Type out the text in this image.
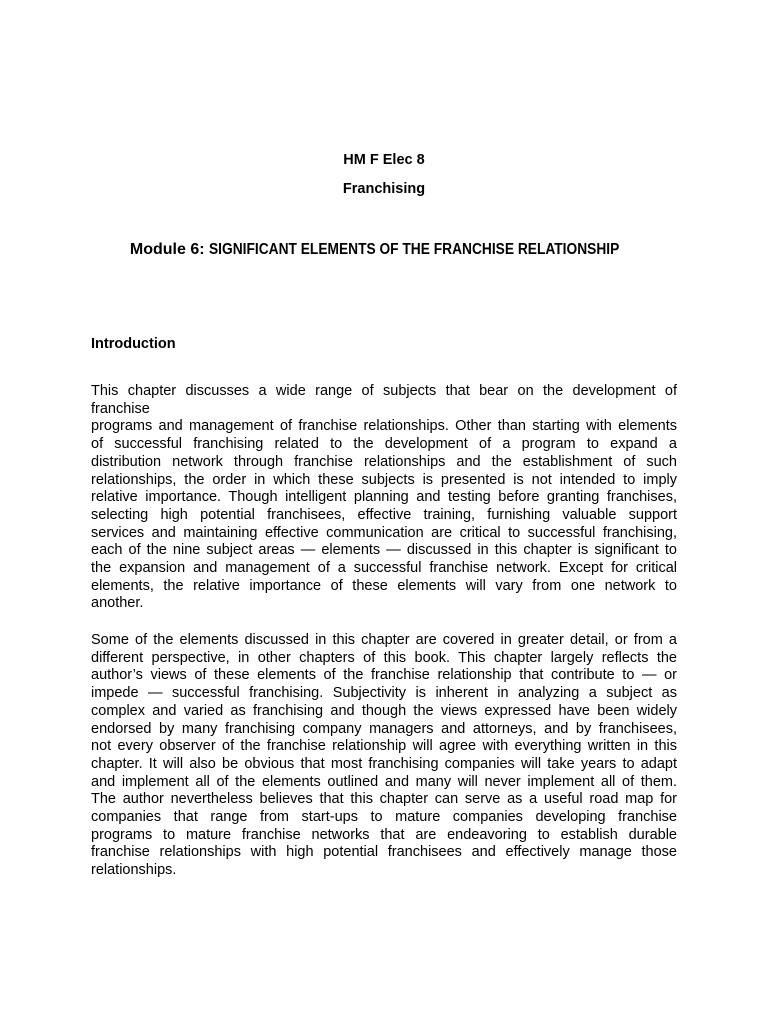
HM F Elec 8
Franchising
Module 6: SIGNIFICANT ELEMENTS OF THE FRANCHISE RELATIONSHIP
Introduction
This chapter discusses a wide range of subjects that bear on the development of
franchise
programs and management of franchise relationships. Other than starting with elements
of successful franchising related to the development of a program to expand a
distribution network through franchise relationships and the establishment of such
relationships, the order in which these subjects is presented is not intended to imply
relative importance. Though intelligent planning and testing before granting franchises,
selecting high potential franchisees, effective training, furnishing valuable support
services and maintaining effective communication are critical to successful franchising,
each of the nine subject areas — elements — discussed in this chapter is significant to
the expansion and management of a successful franchise network. Except for critical
elements, the relative importance of these elements will vary from one network to
another.
Some of the elements discussed in this chapter are covered in greater detail, or from a
different perspective, in other chapters of this book. This chapter largely reflects the
author’s views of these elements of the franchise relationship that contribute to — or
impede — successful franchising. Subjectivity is inherent in analyzing a subject as
complex and varied as franchising and though the views expressed have been widely
endorsed by many franchising company managers and attorneys, and by franchisees,
not every observer of the franchise relationship will agree with everything written in this
chapter. It will also be obvious that most franchising companies will take years to adapt
and implement all of the elements outlined and many will never implement all of them.
The author nevertheless believes that this chapter can serve as a useful road map for
companies that range from start-ups to mature companies developing franchise
programs to mature franchise networks that are endeavoring to establish durable
franchise relationships with high potential franchisees and effectively manage those
relationships.
